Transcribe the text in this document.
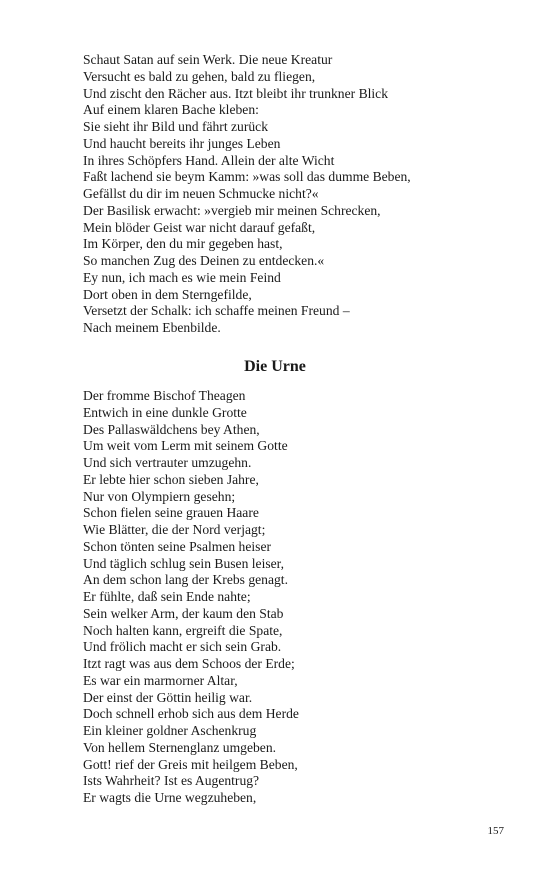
Schaut Satan auf sein Werk. Die neue Kreatur
Versucht es bald zu gehen, bald zu fliegen,
Und zischt den Rächer aus. Itzt bleibt ihr trunkner Blick
Auf einem klaren Bache kleben:
Sie sieht ihr Bild und fährt zurück
Und haucht bereits ihr junges Leben
In ihres Schöpfers Hand. Allein der alte Wicht
Faßt lachend sie beym Kamm: »was soll das dumme Beben,
Gefällst du dir im neuen Schmucke nicht?«
Der Basilisk erwacht: »vergieb mir meinen Schrecken,
Mein blöder Geist war nicht darauf gefaßt,
Im Körper, den du mir gegeben hast,
So manchen Zug des Deinen zu entdecken.«
Ey nun, ich mach es wie mein Feind
Dort oben in dem Sterngefilde,
Versetzt der Schalk: ich schaffe meinen Freund –
Nach meinem Ebenbilde.
Die Urne
Der fromme Bischof Theagen
Entwich in eine dunkle Grotte
Des Pallaswäldchens bey Athen,
Um weit vom Lerm mit seinem Gotte
Und sich vertrauter umzugehn.
Er lebte hier schon sieben Jahre,
Nur von Olympiern gesehn;
Schon fielen seine grauen Haare
Wie Blätter, die der Nord verjagt;
Schon tönten seine Psalmen heiser
Und täglich schlug sein Busen leiser,
An dem schon lang der Krebs genagt.
Er fühlte, daß sein Ende nahte;
Sein welker Arm, der kaum den Stab
Noch halten kann, ergreift die Spate,
Und frölich macht er sich sein Grab.
Itzt ragt was aus dem Schoos der Erde;
Es war ein marmorner Altar,
Der einst der Göttin heilig war.
Doch schnell erhob sich aus dem Herde
Ein kleiner goldner Aschenkrug
Von hellem Sternenglanz umgeben.
Gott! rief der Greis mit heilgem Beben,
Ists Wahrheit? Ist es Augentrug?
Er wagts die Urne wegzuheben,

157
